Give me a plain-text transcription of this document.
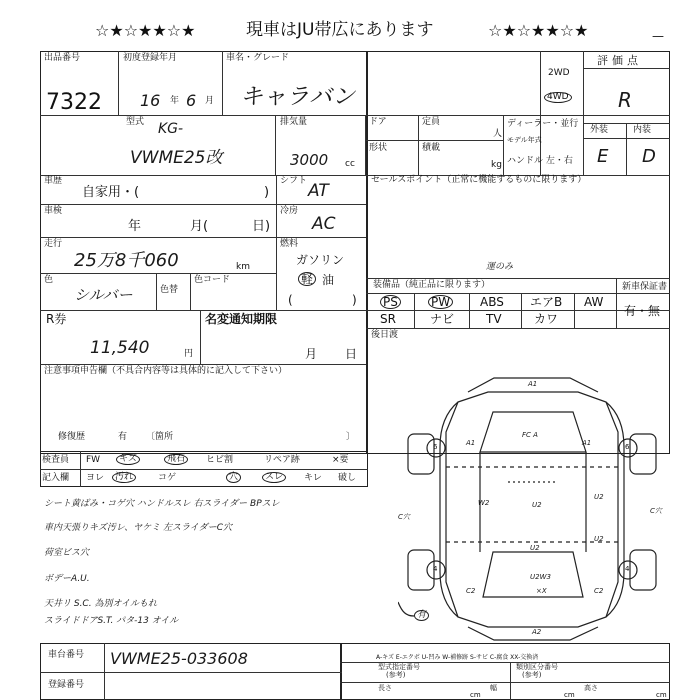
☆★☆★★☆★	現車はJU帯広にあります	☆★☆★★☆★	—
出品番号
7322
初度登録年月
16 年 6 月
車名・グレード
キャラバン
2WD
4WD
評価点
R
外装	内装
E D
型式 KG-
VWME25改
排気量
3000 cc
ドア	定員
人
形状	積載
kg
ディーラー・並行
モデル年式
ハンドル 左・右
車歴
自家用・(	)
シフト AT
車検
年	月(	日)
冷房
AC
走行
25万8千060	km
燃料
ガソリン
軽 油
(	)
色
シルバー	色替
色コード
セールスポイント（正常に機能するものに限ります）
装備品（純正品に限ります）
運のみ
PS	PW ABS エアB AW
SR	ナビ	TV	カワ
新車保証書
有・無
後日渡
R券
11,540	円
名変通知期限
月 日
注意事項申告欄（不具合内容等は具体的に記入して下さい）
修復歴	有 〔箇所	〕
検査員
記入欄
FW	キズ	飛石	ヒビ割	リペア跡	×要
ヨレ	汚れ	コゲ	穴	スレ	キレ 破し
シート黄ばみ・コゲ穴 ハンドルスレ 右スライダー BPスレ
車内天張りキズ汚レ、ヤケミ 左スライダーC穴
荷室ビス穴
ボデーA.U.
天井リ S.C. 為別オイルもれ
スライドドアS.T. パタ-13 オイル
有
A1
A1	A1
FC A
6	6
W2	U2
U2
U2
C穴
C穴
4	4
C2	C2
U2W3
×X
A2
U2
A-キズ E-エクボ U-凹み W-補修跡 S-サビ C-腐食 XX-交換済
型式指定番号
(参考)
類別区分番号
(参考)
長さ
cm
幅
cm
高さ
cm
車台番号 VWME25-033608
登録番号
